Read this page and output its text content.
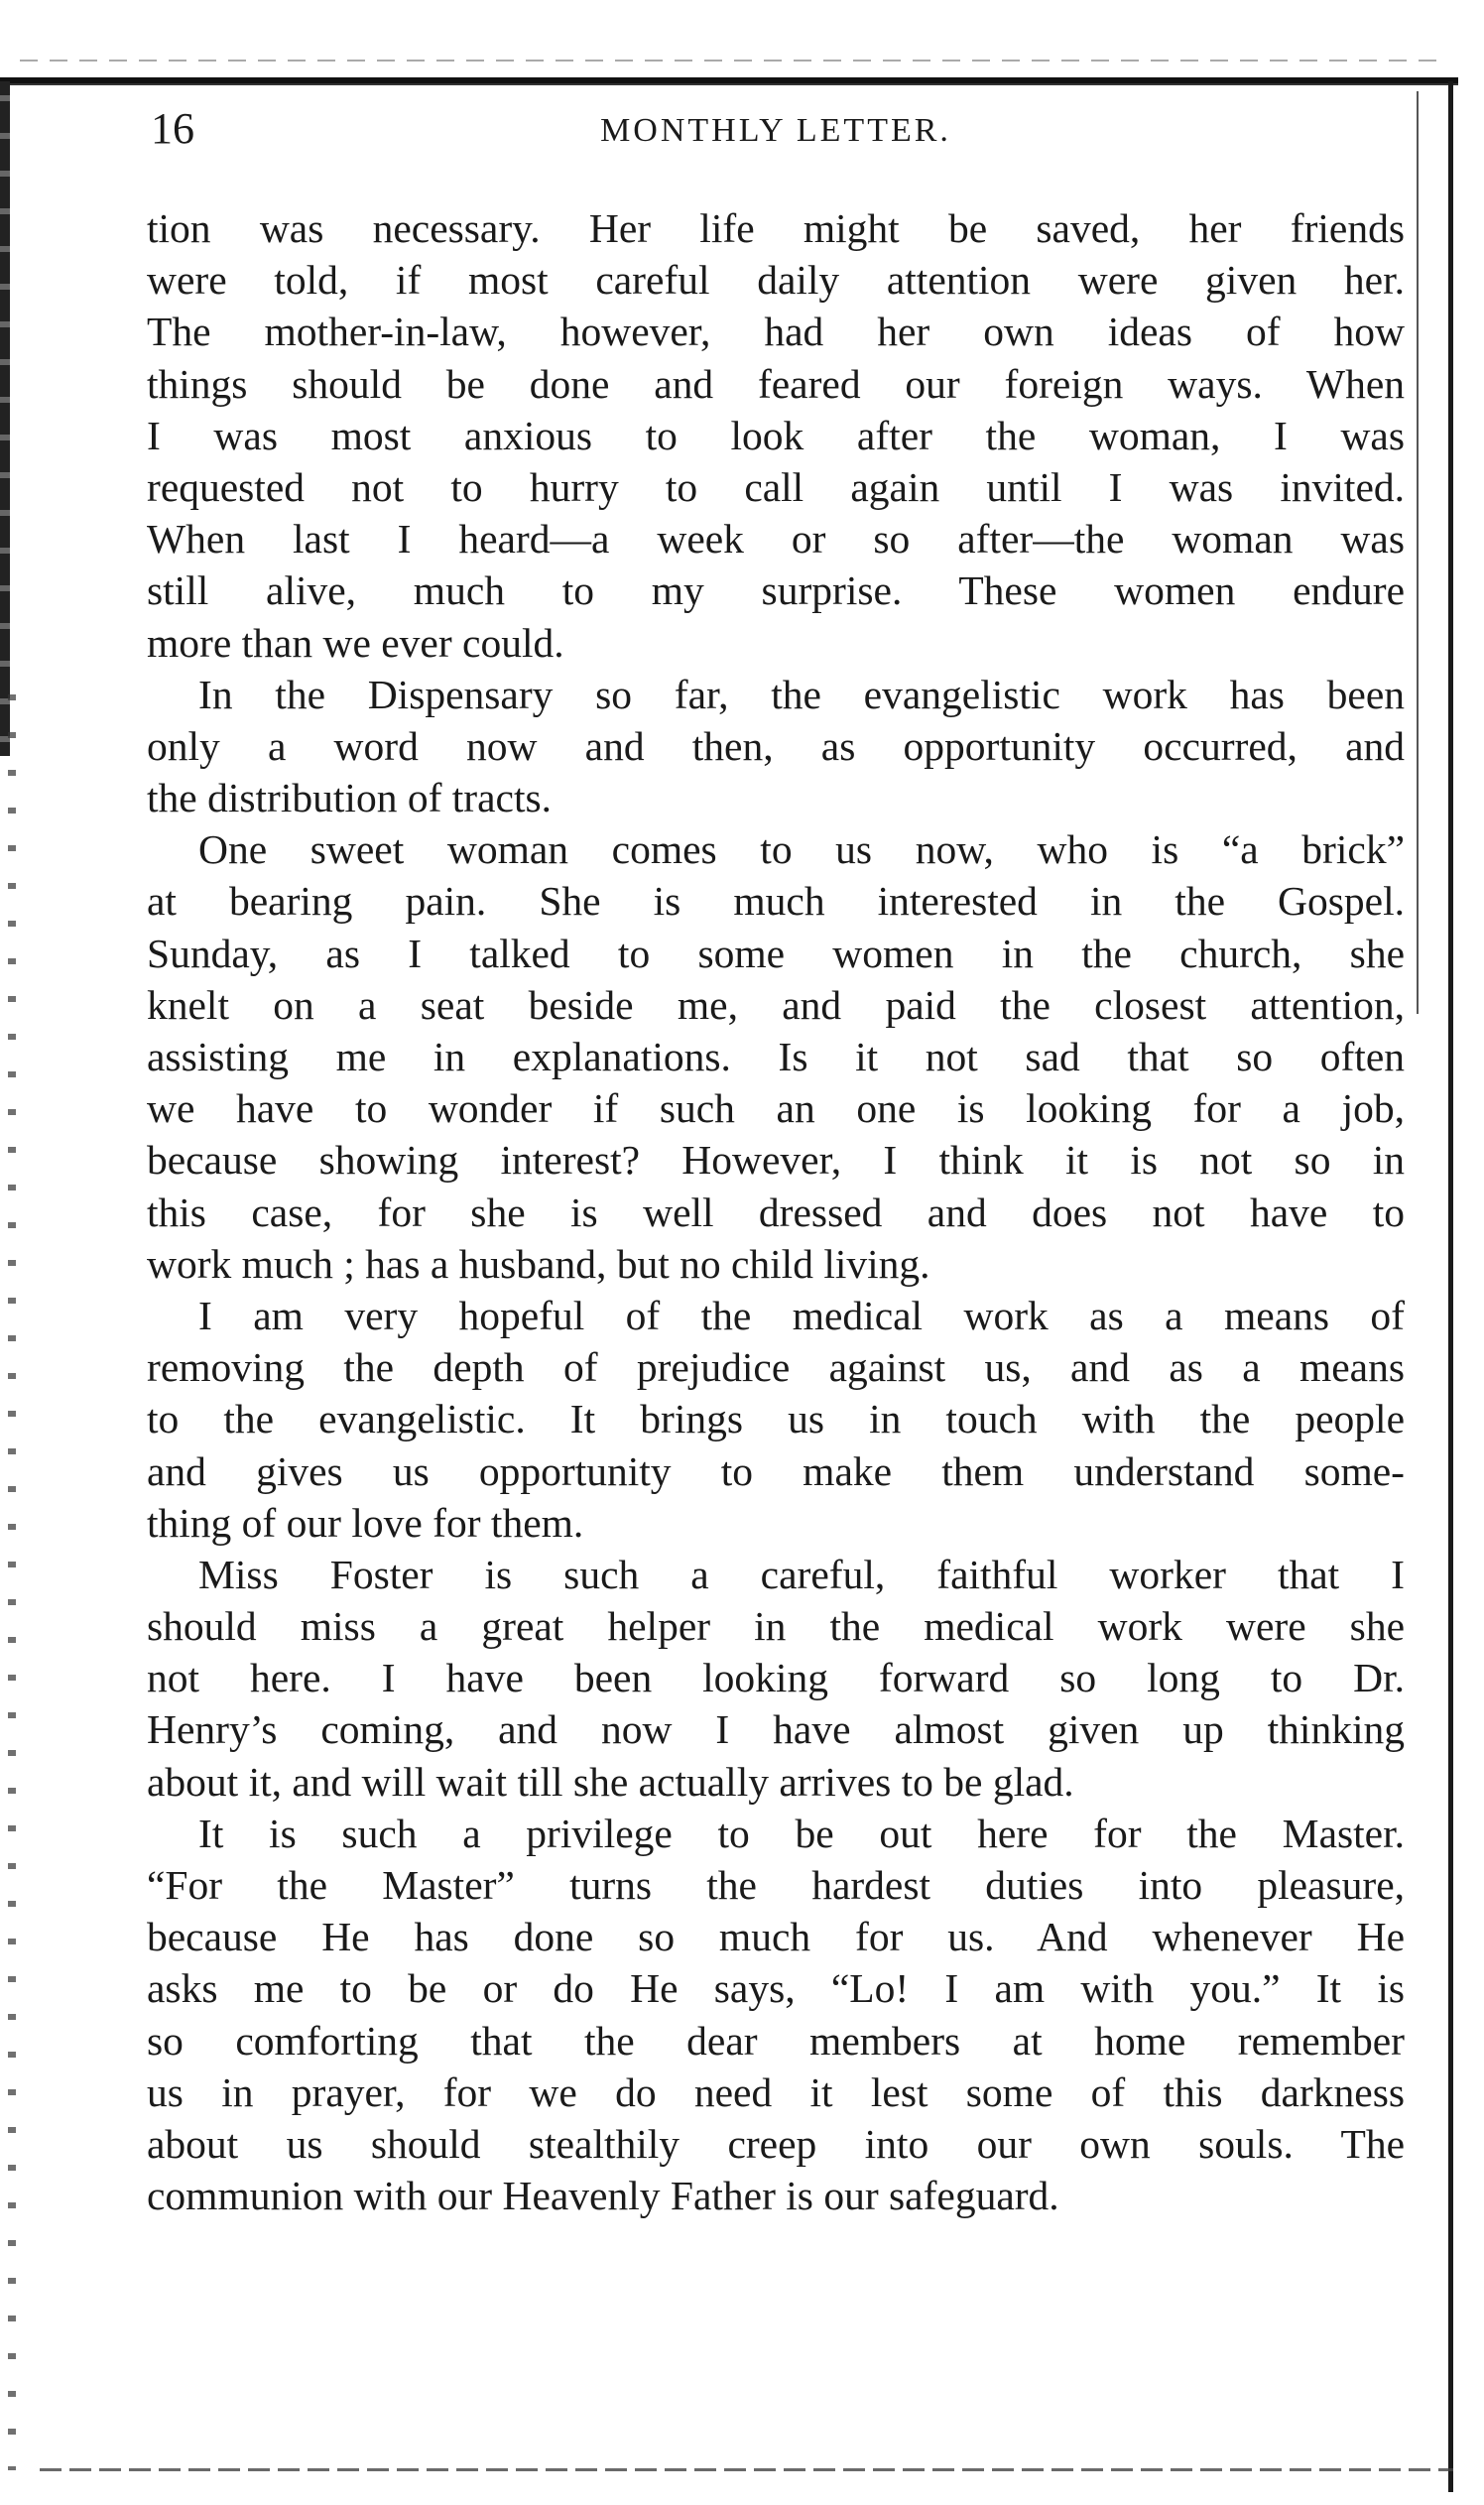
16	MONTHLY LETTER.
tion was necessary. Her life might be saved, her friends
were told, if most careful daily attention were given her.
The mother-in-law, however, had her own ideas of how
things should be done and feared our foreign ways. When
I was most anxious to look after the woman, I was
requested not to hurry to call again until I was invited.
When last I heard—a week or so after—the woman was
still alive, much to my surprise. These women endure
more than we ever could.
In the Dispensary so far, the evangelistic work has been
only a word now and then, as opportunity occurred, and
the distribution of tracts.
One sweet woman comes to us now, who is “a brick”
at bearing pain. She is much interested in the Gospel.
Sunday, as I talked to some women in the church, she
knelt on a seat beside me, and paid the closest attention,
assisting me in explanations. Is it not sad that so often
we have to wonder if such an one is looking for a job,
because showing interest? However, I think it is not so in
this case, for she is well dressed and does not have to
work much ; has a husband, but no child living.
I am very hopeful of the medical work as a means of
removing the depth of prejudice against us, and as a means
to the evangelistic. It brings us in touch with the people
and gives us opportunity to make them understand some-
thing of our love for them.
Miss Foster is such a careful, faithful worker that I
should miss a great helper in the medical work were she
not here. I have been looking forward so long to Dr.
Henry’s coming, and now I have almost given up thinking
about it, and will wait till she actually arrives to be glad.
It is such a privilege to be out here for the Master.
“For the Master” turns the hardest duties into pleasure,
because He has done so much for us. And whenever He
asks me to be or do He says, “Lo! I am with you.” It is
so comforting that the dear members at home remember
us in prayer, for we do need it lest some of this darkness
about us should stealthily creep into our own souls. The
communion with our Heavenly Father is our safeguard.
